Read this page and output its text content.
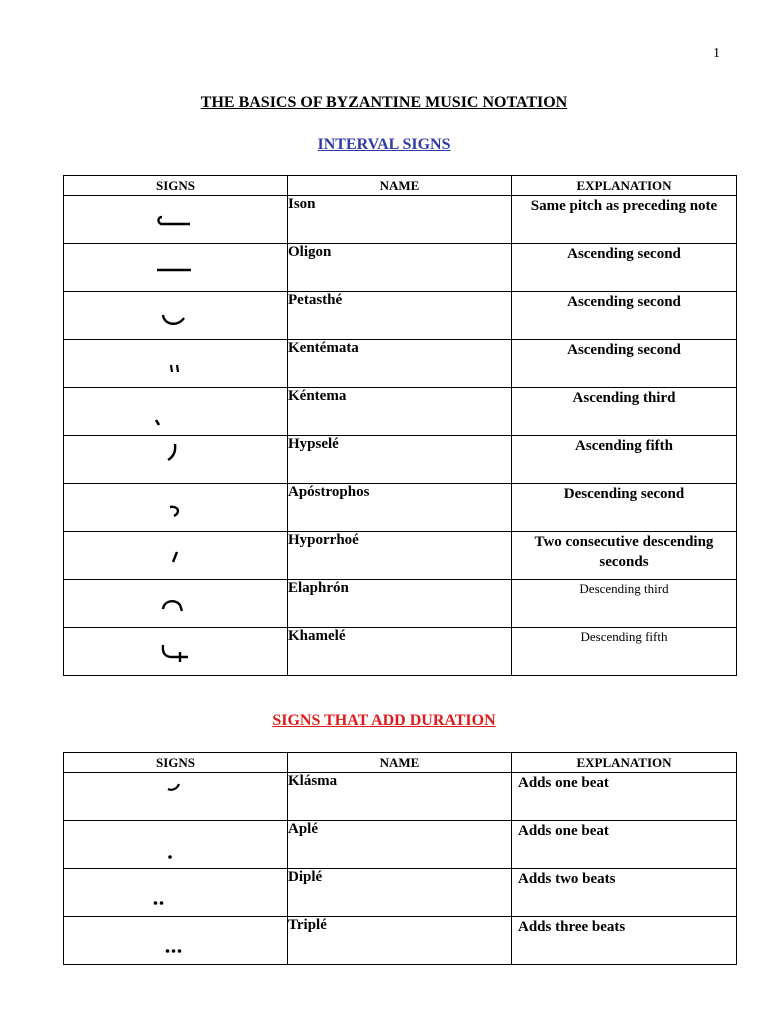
1
THE BASICS OF BYZANTINE MUSIC NOTATION
INTERVAL SIGNS
SIGNS	NAME	EXPLANATION

	Ison	Same pitch as preceding note

	Oligon	Ascending second

	Petasthé	Ascending second

	Kentémata	Ascending second

	Kéntema	Ascending third

	Hypselé	Ascending fifth

	Apóstrophos	Descending second

	Hyporrhoé	Two consecutive descending seconds

	Elaphrón	Descending third

	Khamelé	Descending fifth
SIGNS THAT ADD DURATION
SIGNS	NAME	EXPLANATION

	Klásma	Adds one beat

	Aplé	Adds one beat

	Diplé	Adds two beats

	Triplé	Adds three beats
